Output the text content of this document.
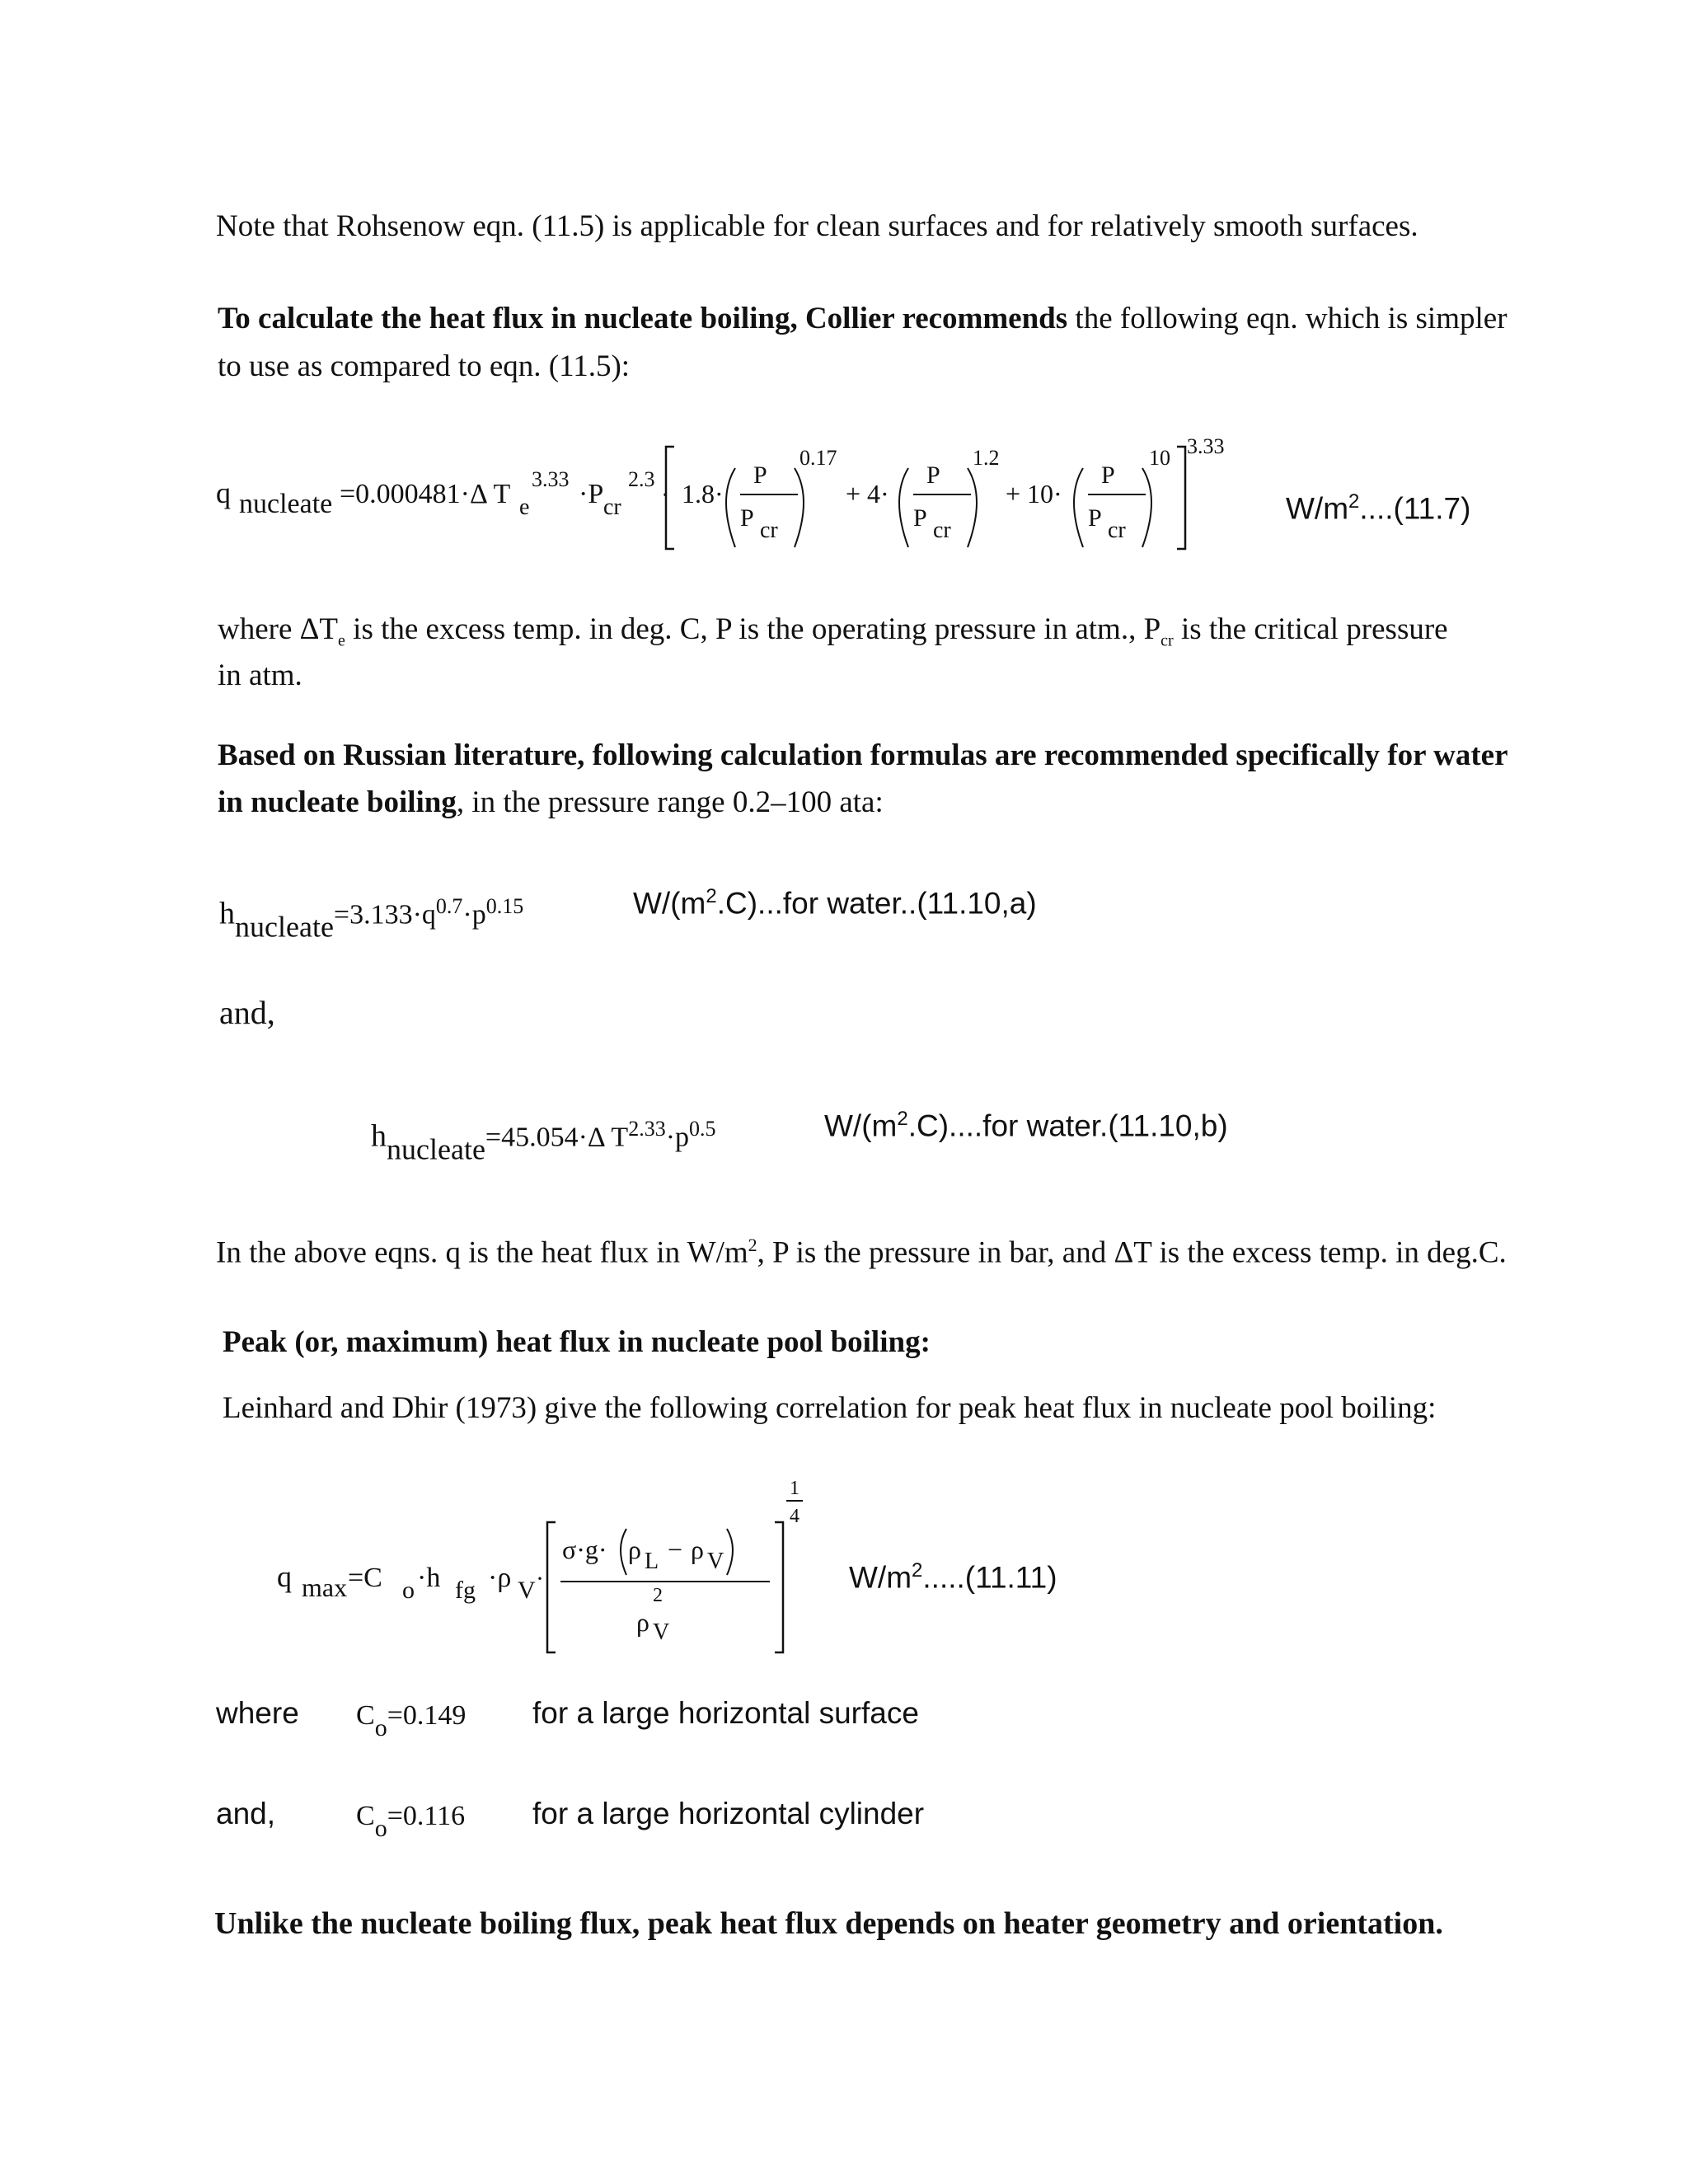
Note that Rohsenow eqn. (11.5) is applicable for clean surfaces and for relatively smooth surfaces.
To calculate the heat flux in nucleate boiling, Collier recommends the following eqn. which is simpler
to use as compared to eqn. (11.5):
q nucleate =0.000481·Δ T 3.33
e ·P cr
2.3
· 1.8·
P
P cr
0.17
+ 4·
P
P cr
1.2
+ 10·
P
P cr
10 3.33
$W/m^2....(11.7)$
where $\Delta T_e$ is the excess temp. in deg. C, P is the operating pressure in atm., $P_{cr}$ is the critical pressure
in atm.
Based on Russian literature, following calculation formulas are recommended specifically for water
in nucleate boiling, in the pressure range 0.2–100 ata:
$h_{nucleate}=3.133\cdot q^{0.7}\cdot p^{0.15}$	$W/(m^2.C)...for$ water..(11.10,a)
and,
$h_{nucleate}=45.054\cdot\Delta$ $T^{2.33}\cdot p^{0.5}$	$W/(m^2.C)....for$ water.(11.10,b)
In the above eqns. q is the heat flux in $W/m^2$, P is the pressure in bar, and ΔT is the excess temp. in deg.C.
Peak (or, maximum) heat flux in nucleate pool boiling:
Leinhard and Dhir (1973) give the following correlation for peak heat flux in nucleate pool boiling:
q max =C o ·h fg ·ρ V ·
σ·g· ρ L − ρ V
ρ
2
V
1
4
$W/m^2.....(11.11)$
where $C_o=0.149$ for a large horizontal surface
and,	$C_o=0.116$ for a large horizontal cylinder
Unlike the nucleate boiling flux, peak heat flux depends on heater geometry and orientation.
